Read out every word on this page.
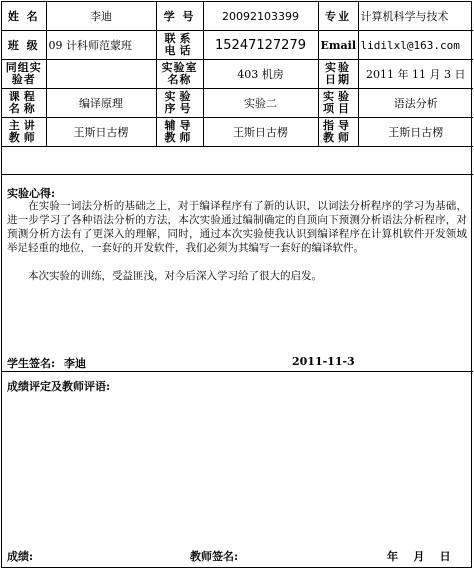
姓 名	李迪	学 号	20092103399	专业	计算机科学与技术
班 级	09 计科师范蒙班	联系电话	15247127279	Email	lidilxl@163.com
同组实验者		实验室名称	403 机房	实验日期	2011 年 11 月 3 日
课程名称	编译原理	实验序号	实验二	实验项目	语法分析
主讲教师	王斯日古楞	辅导教师	王斯日古楞	指导教师	王斯日古楞
实验心得:
在实验一词法分析的基础之上，对于编译程序有了新的认识，以词法分析程序的学习为基础，进一步学习了各种语法分析的方法，本次实验通过编制确定的自顶向下预测分析语法分析程序，对预测分析方法有了更深入的理解，同时，通过本次实验使我认识到编译程序在计算机软件开发领域举足轻重的地位，一套好的开发软件，我们必须为其编写一套好的编译软件。
本次实验的训练，受益匪浅，对今后深入学习给了很大的启发。
学生签名: 李迪	2011-11-3
成绩评定及教师评语:
成绩:	教师签名:	年    月    日
